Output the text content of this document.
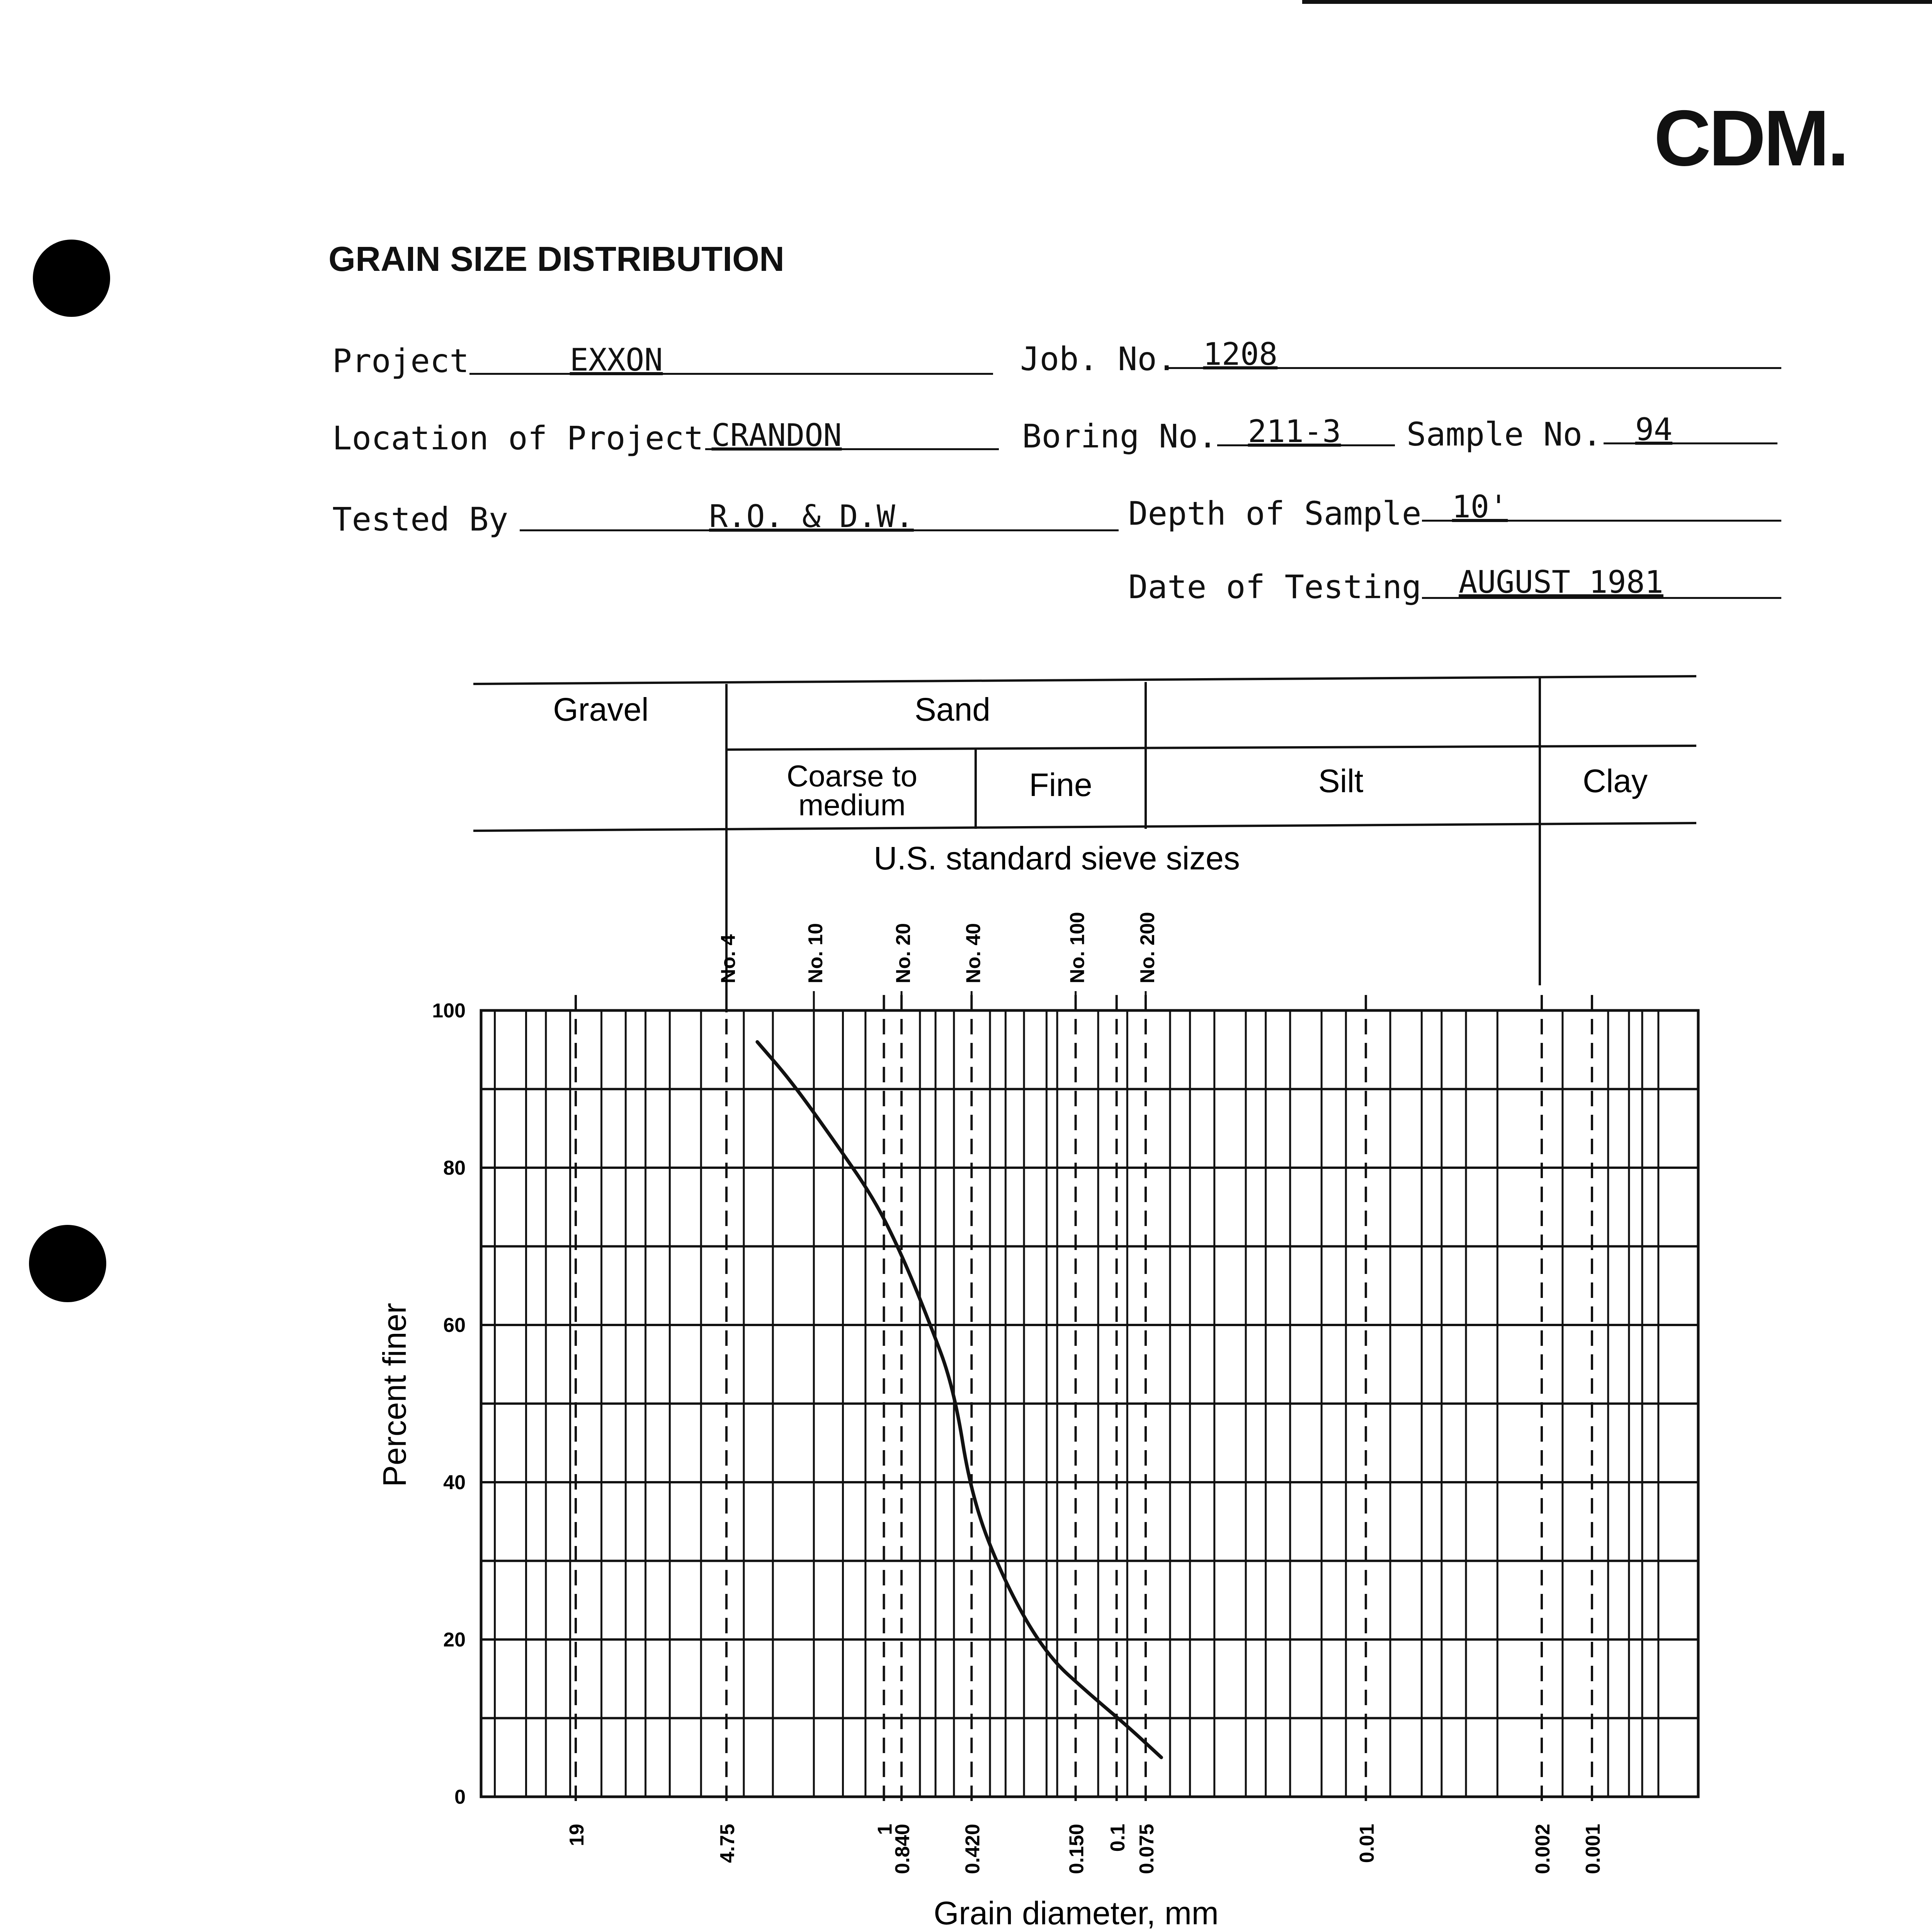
CDM.
GRAIN SIZE DISTRIBUTION
Project	EXXON	Job. No. 1208
Location of Project CRANDON	Boring No. 211-3	Sample No.	94
Tested By	R.O. & D.W.	Depth of Sample 10'
Date of Testing	AUGUST 1981
Gravel	Sand
Coarse to
medium
Fine	Silt	Clay
U.S. standard sieve sizes
No. 4	No. 10	No. 20 No. 40	No. 100 No. 200
0
20
40
60
80
100
19	4.75	1
0.840 0.420	0.150 0.1 0.075	0.01	0.002 0.001
Percent finer
Grain diameter, mm
